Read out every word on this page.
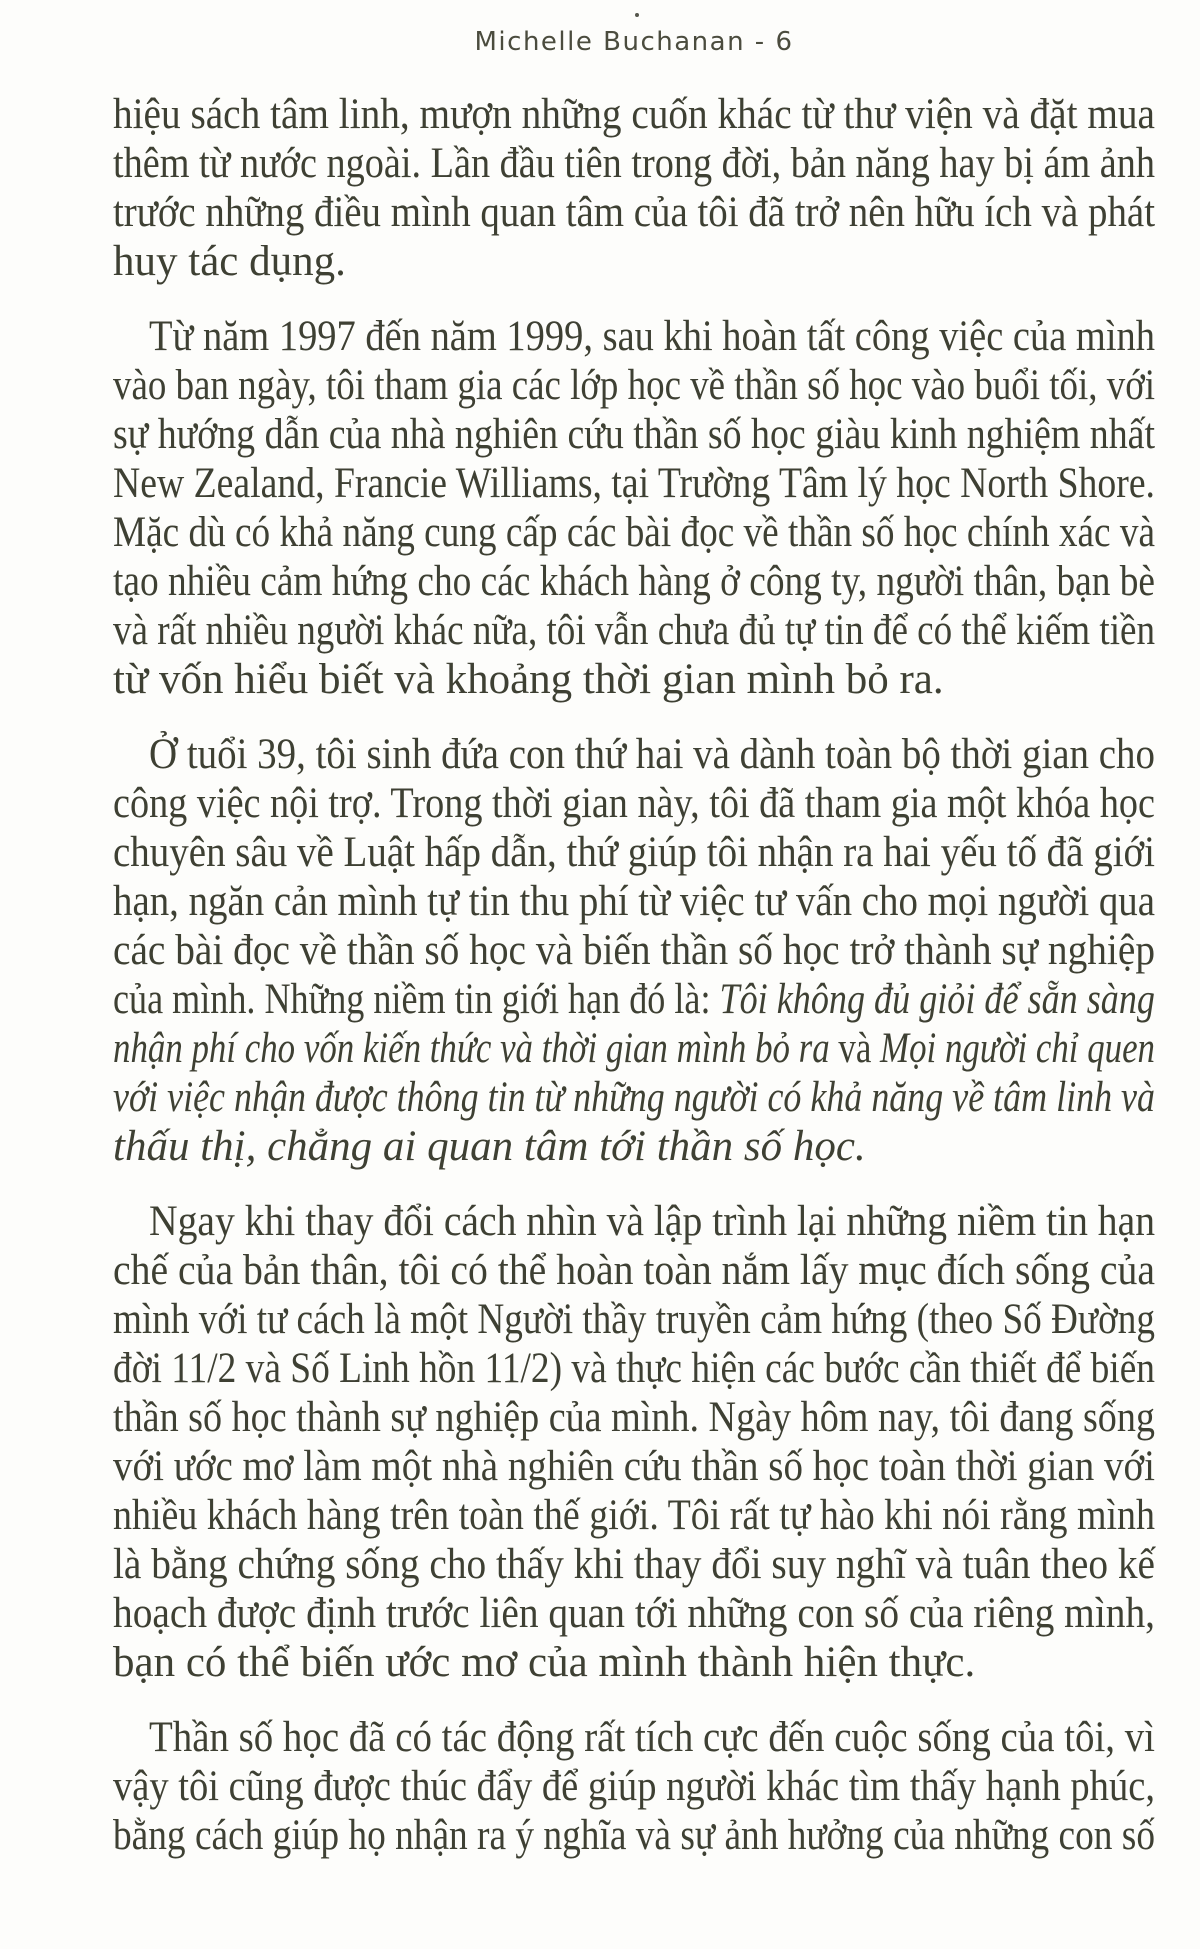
Michelle Buchanan - 6
hiệu sách tâm linh, mượn những cuốn khác từ thư viện và đặt mua
thêm từ nước ngoài. Lần đầu tiên trong đời, bản năng hay bị ám ảnh
trước những điều mình quan tâm của tôi đã trở nên hữu ích và phát
huy tác dụng.
Từ năm 1997 đến năm 1999, sau khi hoàn tất công việc của mình
vào ban ngày, tôi tham gia các lớp học về thần số học vào buổi tối, với
sự hướng dẫn của nhà nghiên cứu thần số học giàu kinh nghiệm nhất
New Zealand, Francie Williams, tại Trường Tâm lý học North Shore.
Mặc dù có khả năng cung cấp các bài đọc về thần số học chính xác và
tạo nhiều cảm hứng cho các khách hàng ở công ty, người thân, bạn bè
và rất nhiều người khác nữa, tôi vẫn chưa đủ tự tin để có thể kiếm tiền
từ vốn hiểu biết và khoảng thời gian mình bỏ ra.
Ở tuổi 39, tôi sinh đứa con thứ hai và dành toàn bộ thời gian cho
công việc nội trợ. Trong thời gian này, tôi đã tham gia một khóa học
chuyên sâu về Luật hấp dẫn, thứ giúp tôi nhận ra hai yếu tố đã giới
hạn, ngăn cản mình tự tin thu phí từ việc tư vấn cho mọi người qua
các bài đọc về thần số học và biến thần số học trở thành sự nghiệp
của mình. Những niềm tin giới hạn đó là: Tôi không đủ giỏi để sẵn sàng
nhận phí cho vốn kiến thức và thời gian mình bỏ ra và Mọi người chỉ quen
với việc nhận được thông tin từ những người có khả năng về tâm linh và
thấu thị, chẳng ai quan tâm tới thần số học.
Ngay khi thay đổi cách nhìn và lập trình lại những niềm tin hạn
chế của bản thân, tôi có thể hoàn toàn nắm lấy mục đích sống của
mình với tư cách là một Người thầy truyền cảm hứng (theo Số Đường
đời 11/2 và Số Linh hồn 11/2) và thực hiện các bước cần thiết để biến
thần số học thành sự nghiệp của mình. Ngày hôm nay, tôi đang sống
với ước mơ làm một nhà nghiên cứu thần số học toàn thời gian với
nhiều khách hàng trên toàn thế giới. Tôi rất tự hào khi nói rằng mình
là bằng chứng sống cho thấy khi thay đổi suy nghĩ và tuân theo kế
hoạch được định trước liên quan tới những con số của riêng mình,
bạn có thể biến ước mơ của mình thành hiện thực.
Thần số học đã có tác động rất tích cực đến cuộc sống của tôi, vì
vậy tôi cũng được thúc đẩy để giúp người khác tìm thấy hạnh phúc,
bằng cách giúp họ nhận ra ý nghĩa và sự ảnh hưởng của những con số
